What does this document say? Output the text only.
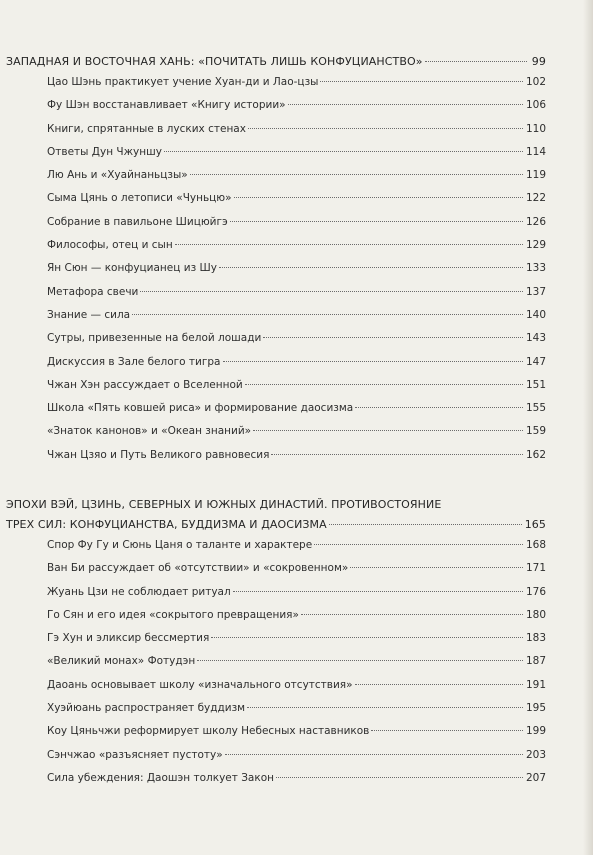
ЗАПАДНАЯ И ВОСТОЧНАЯ ХАНЬ: «ПОЧИТАТЬ ЛИШЬ КОНФУЦИАНСТВО»	99
Цао Шэнь практикует учение Хуан-ди и Лао-цзы	102
Фу Шэн восстанавливает «Книгу истории»	106
Книги, спрятанные в луских стенах	110
Ответы Дун Чжуншу	114
Лю Ань и «Хуайнаньцзы»	119
Сыма Цянь о летописи «Чуньцю»	122
Собрание в павильоне Шицюйгэ	126
Философы, отец и сын	129
Ян Сюн — конфуцианец из Шу	133
Метафора свечи	137
Знание — сила	140
Сутры, привезенные на белой лошади	143
Дискуссия в Зале белого тигра	147
Чжан Хэн рассуждает о Вселенной	151
Школа «Пять ковшей риса» и формирование даосизма	155
«Знаток канонов» и «Океан знаний»	159
Чжан Цзяо и Путь Великого равновесия	162
ЭПОХИ ВЭЙ, ЦЗИНЬ, СЕВЕРНЫХ И ЮЖНЫХ ДИНАСТИЙ. ПРОТИВОСТОЯНИЕ
ТРЕХ СИЛ: КОНФУЦИАНСТВА, БУДДИЗМА И ДАОСИЗМА	165
Спор Фу Гу и Сюнь Цаня о таланте и характере	168
Ван Би рассуждает об «отсутствии» и «сокровенном»	171
Жуань Цзи не соблюдает ритуал	176
Го Сян и его идея «сокрытого превращения»	180
Гэ Хун и эликсир бессмертия	183
«Великий монах» Фотудэн	187
Даоань основывает школу «изначального отсутствия»	191
Хуэйюань распространяет буддизм	195
Коу Цяньчжи реформирует школу Небесных наставников	199
Сэнчжао «разъясняет пустоту»	203
Сила убеждения: Даошэн толкует Закон	207
